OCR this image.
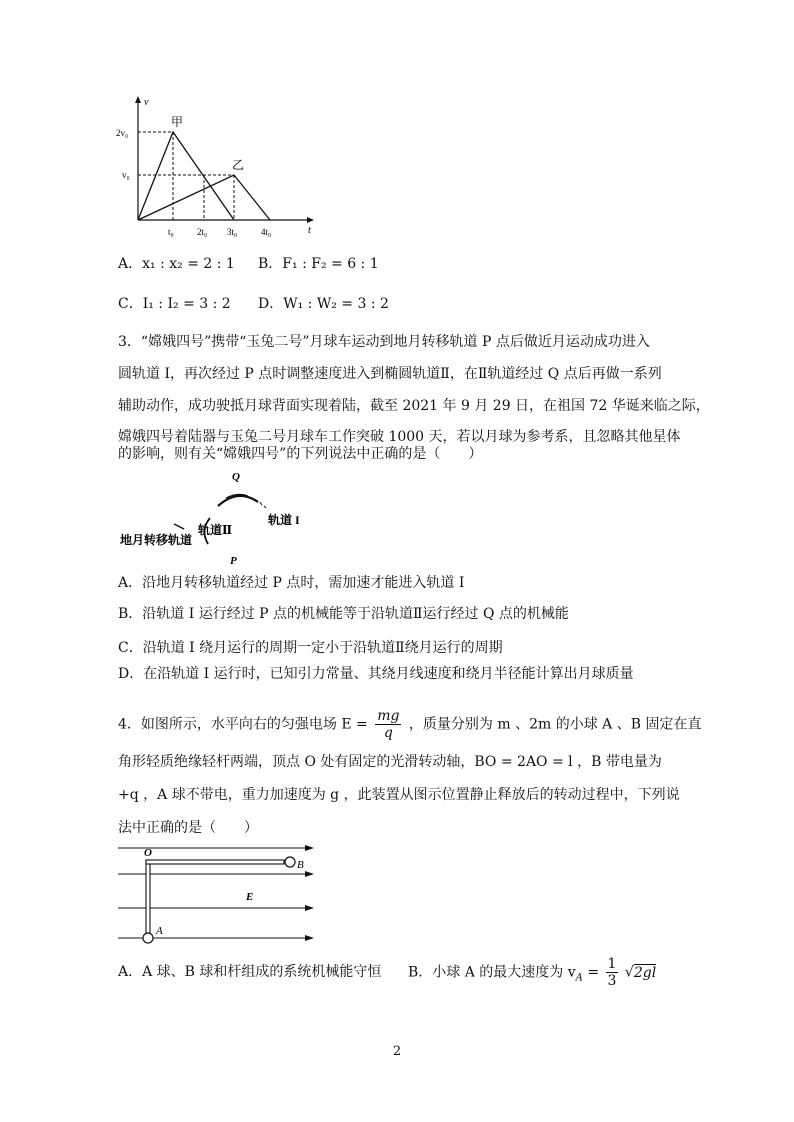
v
t
甲
乙
2v₀
v₀
t₀	2t₀ 3t₀	4t₀
A．x₁ : x₂ = 2 : 1 B．F₁ : F₂ = 6 : 1
C．I₁ : I₂ = 3 : 2 D．W₁ : W₂ = 3 : 2
3．“嫦娥四号”携带“玉兔二号”月球车运动到地月转移轨道 P 点后做近月运动成功进入
圆轨道 I，再次经过 P 点时调整速度进入到椭圆轨道Ⅱ，在Ⅱ轨道经过 Q 点后再做一系列
辅助动作，成功驶抵月球背面实现着陆，截至 2021 年 9 月 29 日，在祖国 72 华诞来临之际，
嫦娥四号着陆器与玉兔二号月球车工作突破 1000 天，若以月球为参考系，且忽略其他星体
的影响，则有关“嫦娥四号”的下列说法中正确的是（　　）
Q
轨道Ⅱ
轨道 I
地月转移轨道
P
A．沿地月转移轨道经过 P 点时，需加速才能进入轨道 I
B．沿轨道 I 运行经过 P 点的机械能等于沿轨道Ⅱ运行经过 Q 点的机械能
C．沿轨道 I 绕月运行的周期一定小于沿轨道Ⅱ绕月运行的周期
D．在沿轨道 I 运行时，已知引力常量、其绕月线速度和绕月半径能计算出月球质量
4．如图所示，水平向右的匀强电场 $E = \frac{mg}{q}$ ，质量分别为 m 、2m 的小球 A 、B 固定在直
角形轻质绝缘轻杆两端，顶点 O 处有固定的光滑转动轴，BO = 2AO = l ，B 带电量为
+q ，A 球不带电，重力加速度为 g ，此装置从图示位置静止释放后的转动过程中，下列说
法中正确的是（　　）
O
B
E
A
A．A 球、B 球和杆组成的系统机械能守恒 B．小球 A 的最大速度为 $v_A = \frac{1}{3} √2gl$
2
